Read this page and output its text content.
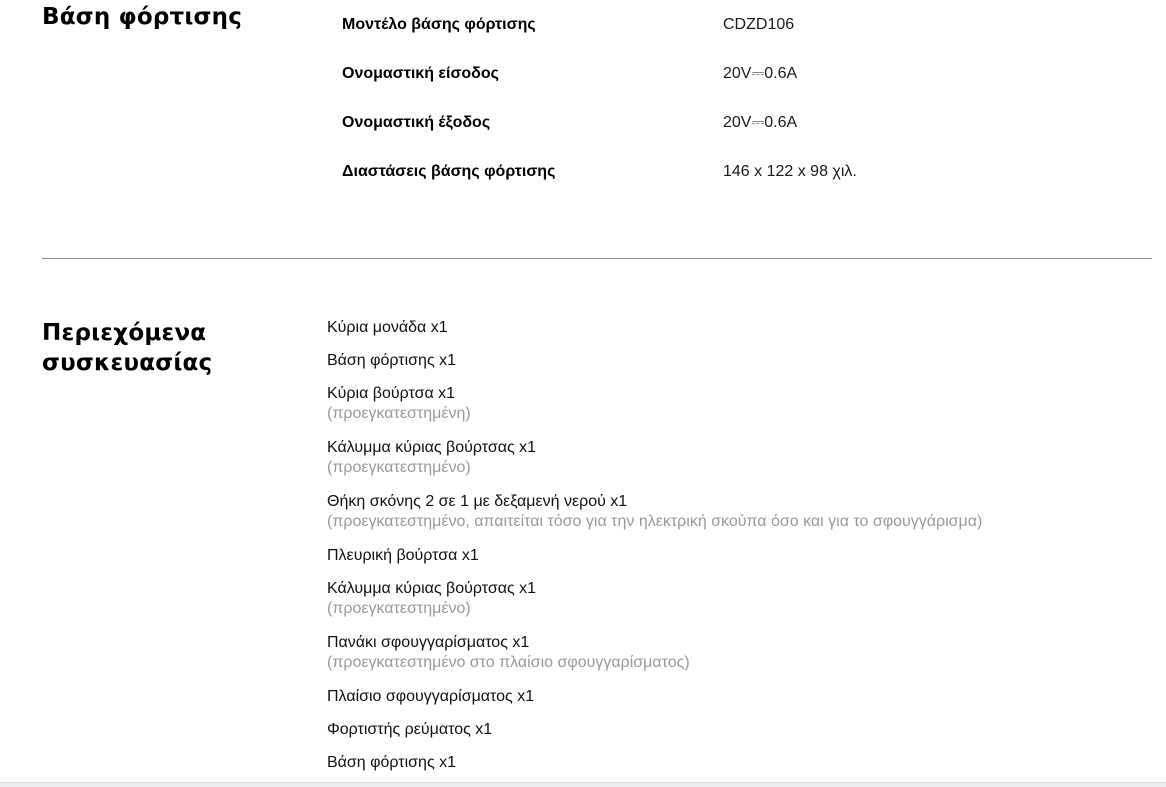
Βάση φόρτισης	Μοντέλο βάσης φόρτισης	CDZD106
Ονομαστική είσοδος	20V⎓0.6A
Ονομαστική έξοδος	20V⎓0.6A
Διαστάσεις βάσης φόρτισης	146 x 122 x 98 χιλ.
Περιεχόμενα συσκευασίας
Κύρια μονάδα x1
Βάση φόρτισης x1
Κύρια βούρτσα x1
(προεγκατεστημένη)
Κάλυμμα κύριας βούρτσας x1
(προεγκατεστημένο)
Θήκη σκόνης 2 σε 1 με δεξαμενή νερού x1
(προεγκατεστημένο, απαιτείται τόσο για την ηλεκτρική σκούπα όσο και για το σφουγγάρισμα)
Πλευρική βούρτσα x1
Κάλυμμα κύριας βούρτσας x1
(προεγκατεστημένο)
Πανάκι σφουγγαρίσματος x1
(προεγκατεστημένο στο πλαίσιο σφουγγαρίσματος)
Πλαίσιο σφουγγαρίσματος x1
Φορτιστής ρεύματος x1
Βάση φόρτισης x1
